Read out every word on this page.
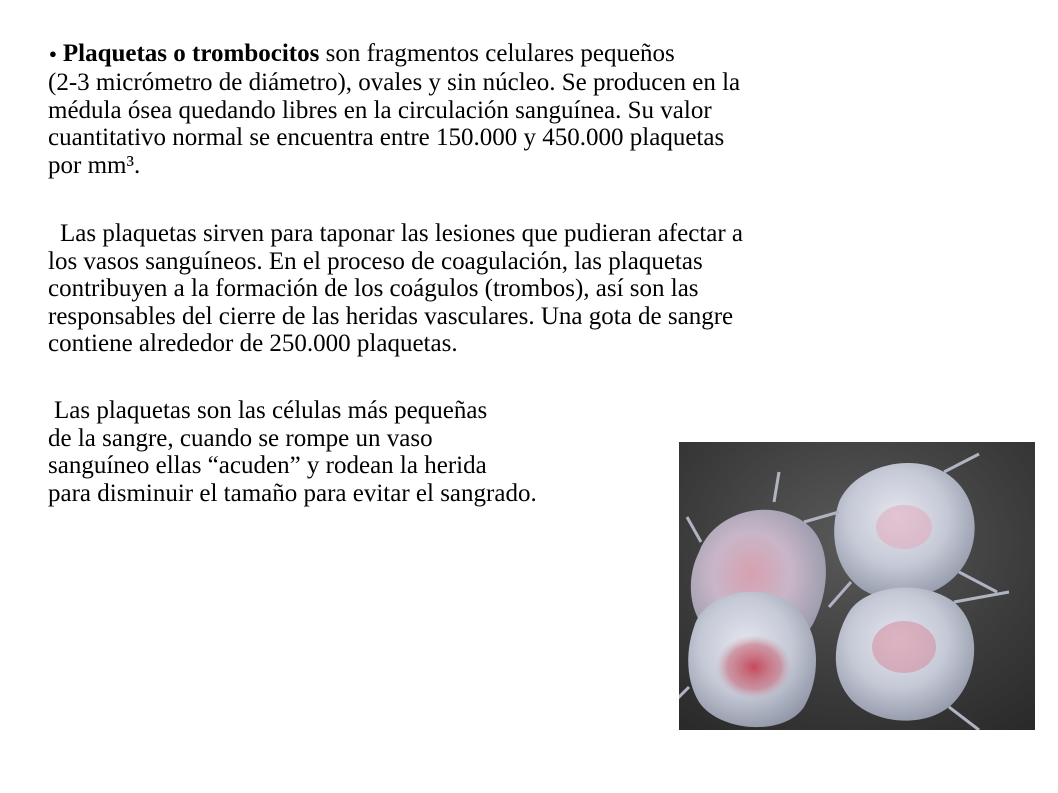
● Plaquetas o trombocitos son fragmentos celulares pequeños
(2-3 micrómetro de diámetro), ovales y sin núcleo. Se producen en la
médula ósea quedando libres en la circulación sanguínea. Su valor
cuantitativo normal se encuentra entre 150.000 y 450.000 plaquetas
por mm³.
Las plaquetas sirven para taponar las lesiones que pudieran afectar a
los vasos sanguíneos. En el proceso de coagulación, las plaquetas
contribuyen a la formación de los coágulos (trombos), así son las
responsables del cierre de las heridas vasculares. Una gota de sangre
contiene alrededor de 250.000 plaquetas.
Las plaquetas son las células más pequeñas
de la sangre, cuando se rompe un vaso
sanguíneo ellas “acuden” y rodean la herida
para disminuir el tamaño para evitar el sangrado.
